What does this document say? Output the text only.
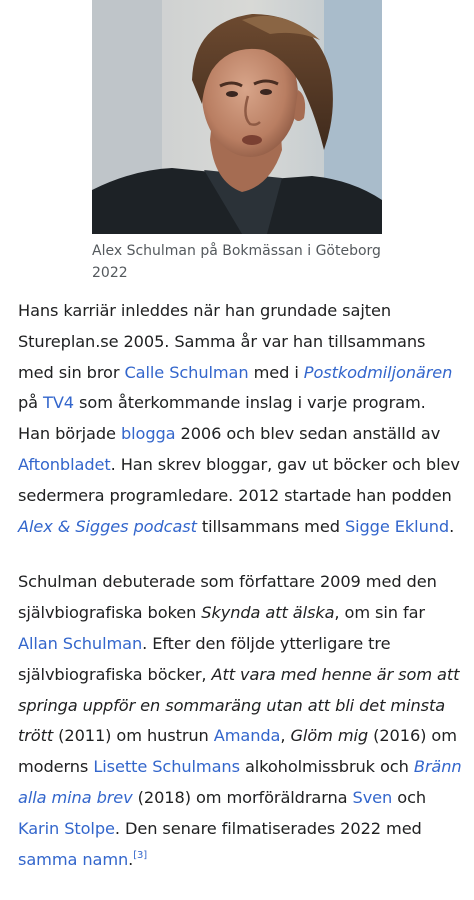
Alex Schulman på Bokmässan i Göteborg 2022

Hans karriär inleddes när han grundade sajten Stureplan.se 2005. Samma år var han tillsammans med sin bror Calle Schulman med i Postkodmiljonären på TV4 som återkommande inslag i varje program. Han började blogga 2006 och blev sedan anställd av Aftonbladet. Han skrev bloggar, gav ut böcker och blev sedermera programledare. 2012 startade han podden Alex & Sigges podcast tillsammans med Sigge Eklund.

Schulman debuterade som författare 2009 med den självbiografiska boken Skynda att älska, om sin far Allan Schulman. Efter den följde ytterligare tre självbiografiska böcker, Att vara med henne är som att springa uppför en sommaräng utan att bli det minsta trött (2011) om hustrun Amanda, Glöm mig (2016) om moderns Lisette Schulmans alkoholmissbruk och Bränn alla mina brev (2018) om morföräldrarna Sven och Karin Stolpe. Den senare filmatiserades 2022 med samma namn.[3]
